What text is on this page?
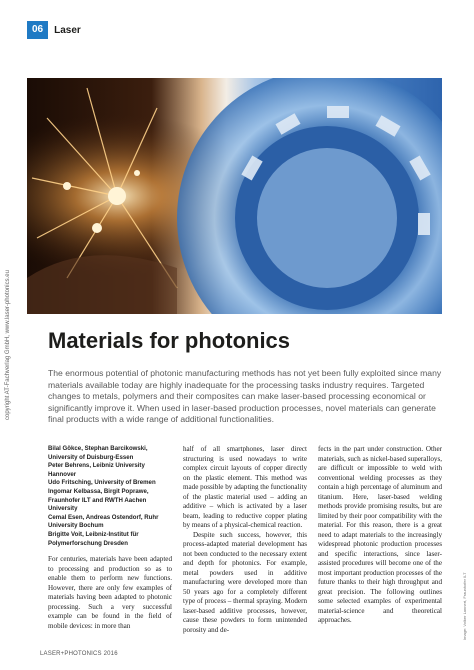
06	Laser
copyright AT-Fachverlag GmbH, www.laser-photonics.eu
Image: Volker Lannert, Fraunhofer ILT
Materials for photonics

The enormous potential of photonic manufacturing methods has not yet been fully exploited since many materials available today are highly inadequate for the processing tasks industry requires. Targeted changes to metals, polymers and their composites can make laser-based processing economical or significantly improve it. When used in laser-based production processes, novel materials can generate final products with a wide range of additional functionalities.

Bilal Gökce, Stephan Barcikowski,
University of Duisburg-Essen
Peter Behrens, Leibniz University
Hannover
Udo Fritsching, University of Bremen
Ingomar Kelbassa, Birgit Poprawe,
Fraunhofer ILT and RWTH Aachen
University
Cemal Esen, Andreas Ostendorf, Ruhr
University Bochum
Brigitte Voit, Leibniz-Institut für
Polymerforschung Dresden

For centuries, materials have been adapted to processing and production so as to enable them to perform new functions. However, there are only few examples of materials having been adapted to photonic processing. Such a very successful example can be found in the field of mobile devices: in more than

half of all smartphones, laser direct structuring is used nowadays to write complex circuit layouts of copper directly on the plastic element. This method was made possible by adapting the functionality of the plastic material used – adding an additive – which is activated by a laser beam, leading to reductive copper plating by means of a physical-chemical reaction.

Despite such success, however, this process-adapted material development has not been conducted to the necessary extent and depth for photonics. For example, metal powders used in additive manufacturing were developed more than 50 years ago for a completely different type of process – thermal spraying. Modern laser-based additive processes, however, cause these powders to form unintended porosity and de-

fects in the part under construction. Other materials, such as nickel-based superalloys, are difficult or impossible to weld with conventional welding processes as they contain a high percentage of aluminum and titanium. Here, laser-based welding methods provide promising results, but are limited by their poor compatibility with the material. For this reason, there is a great need to adapt materials to the increasingly widespread photonic production processes and specific interactions, since laser-assisted procedures will become one of the most important production processes of the future thanks to their high throughput and great precision. The following outlines some selected examples of experimental material-science and theoretical approaches.

LASER+PHOTONICS 2016
